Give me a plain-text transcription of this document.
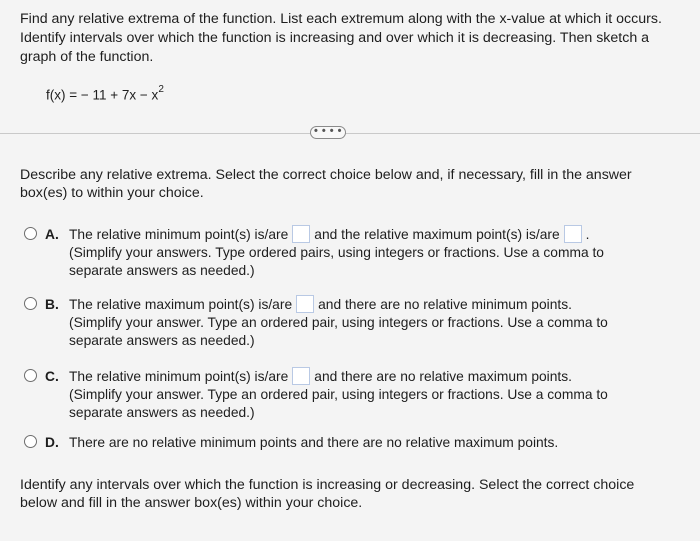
Find any relative extrema of the function. List each extremum along with the x-value at which it occurs. Identify intervals over which the function is increasing and over which it is decreasing. Then sketch a graph of the function.
f(x) = − $11 + 7x - x^2$
• • • •
Describe any relative extrema. Select the correct choice below and, if necessary, fill in the answer box(es) to within your choice.
A. The relative minimum point(s) is/are and the relative maximum point(s) is/are .
(Simplify your answers. Type ordered pairs, using integers or fractions. Use a comma to separate answers as needed.)
B. The relative maximum point(s) is/are and there are no relative minimum points.
(Simplify your answer. Type an ordered pair, using integers or fractions. Use a comma to separate answers as needed.)
C. The relative minimum point(s) is/are and there are no relative maximum points.
(Simplify your answer. Type an ordered pair, using integers or fractions. Use a comma to separate answers as needed.)
D. There are no relative minimum points and there are no relative maximum points.
Identify any intervals over which the function is increasing or decreasing. Select the correct choice below and fill in the answer box(es) within your choice.
